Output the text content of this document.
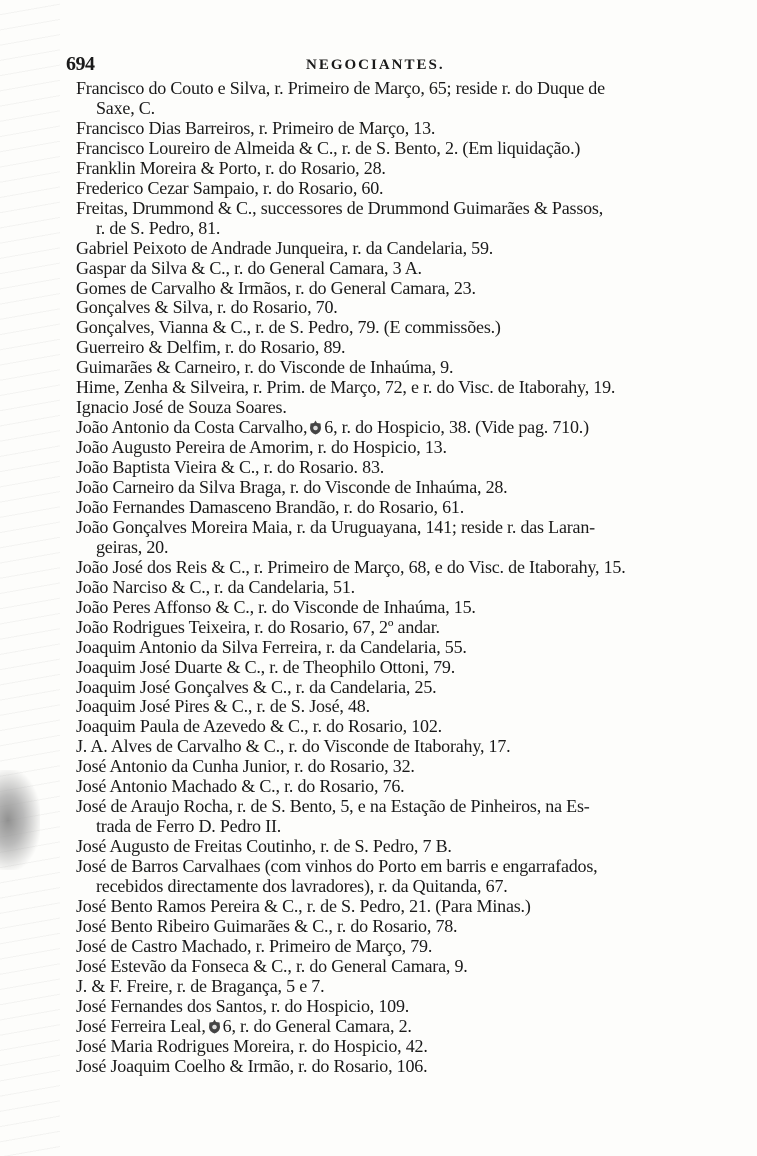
694	NEGOCIANTES.
Francisco do Couto e Silva, r. Primeiro de Março, 65; reside r. do Duque de
Saxe, C.
Francisco Dias Barreiros, r. Primeiro de Março, 13.
Francisco Loureiro de Almeida & C., r. de S. Bento, 2. (Em liquidação.)
Franklin Moreira & Porto, r. do Rosario, 28.
Frederico Cezar Sampaio, r. do Rosario, 60.
Freitas, Drummond & C., successores de Drummond Guimarães & Passos,
r. de S. Pedro, 81.
Gabriel Peixoto de Andrade Junqueira, r. da Candelaria, 59.
Gaspar da Silva & C., r. do General Camara, 3 A.
Gomes de Carvalho & Irmãos, r. do General Camara, 23.
Gonçalves & Silva, r. do Rosario, 70.
Gonçalves, Vianna & C., r. de S. Pedro, 79. (E commissões.)
Guerreiro & Delfim, r. do Rosario, 89.
Guimarães & Carneiro, r. do Visconde de Inhaúma, 9.
Hime, Zenha & Silveira, r. Prim. de Março, 72, e r. do Visc. de Itaborahy, 19.
Ignacio José de Souza Soares.
João Antonio da Costa Carvalho, 6, r. do Hospicio, 38. (Vide pag. 710.)
João Augusto Pereira de Amorim, r. do Hospicio, 13.
João Baptista Vieira & C., r. do Rosario. 83.
João Carneiro da Silva Braga, r. do Visconde de Inhaúma, 28.
João Fernandes Damasceno Brandão, r. do Rosario, 61.
João Gonçalves Moreira Maia, r. da Uruguayana, 141; reside r. das Laran-
geiras, 20.
João José dos Reis & C., r. Primeiro de Março, 68, e do Visc. de Itaborahy, 15.
João Narciso & C., r. da Candelaria, 51.
João Peres Affonso & C., r. do Visconde de Inhaúma, 15.
João Rodrigues Teixeira, r. do Rosario, 67, 2º andar.
Joaquim Antonio da Silva Ferreira, r. da Candelaria, 55.
Joaquim José Duarte & C., r. de Theophilo Ottoni, 79.
Joaquim José Gonçalves & C., r. da Candelaria, 25.
Joaquim José Pires & C., r. de S. José, 48.
Joaquim Paula de Azevedo & C., r. do Rosario, 102.
J. A. Alves de Carvalho & C., r. do Visconde de Itaborahy, 17.
José Antonio da Cunha Junior, r. do Rosario, 32.
José Antonio Machado & C., r. do Rosario, 76.
José de Araujo Rocha, r. de S. Bento, 5, e na Estação de Pinheiros, na Es-
trada de Ferro D. Pedro II.
José Augusto de Freitas Coutinho, r. de S. Pedro, 7 B.
José de Barros Carvalhaes (com vinhos do Porto em barris e engarrafados,
recebidos directamente dos lavradores), r. da Quitanda, 67.
José Bento Ramos Pereira & C., r. de S. Pedro, 21. (Para Minas.)
José Bento Ribeiro Guimarães & C., r. do Rosario, 78.
José de Castro Machado, r. Primeiro de Março, 79.
José Estevão da Fonseca & C., r. do General Camara, 9.
J. & F. Freire, r. de Bragança, 5 e 7.
José Fernandes dos Santos, r. do Hospicio, 109.
José Ferreira Leal, 6, r. do General Camara, 2.
José Maria Rodrigues Moreira, r. do Hospicio, 42.
José Joaquim Coelho & Irmão, r. do Rosario, 106.
